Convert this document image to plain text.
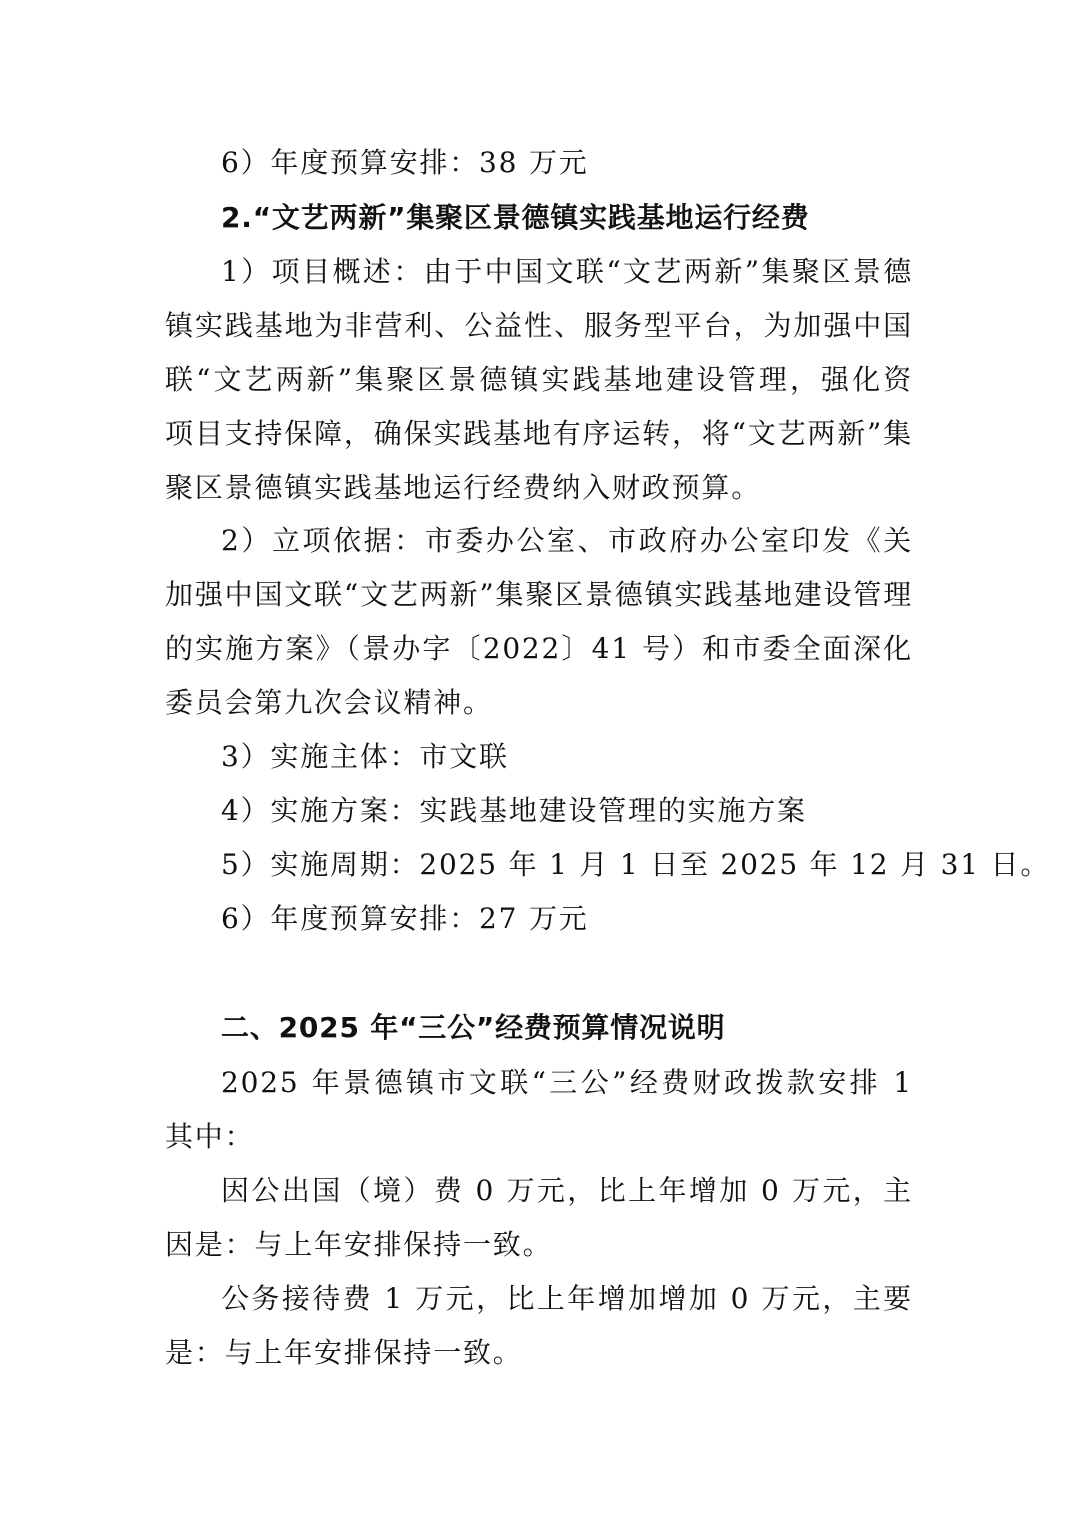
6）年度预算安排：38 万元

2.“文艺两新”集聚区景德镇实践基地运行经费

1）项目概述：由于中国文联“文艺两新”集聚区景德

镇实践基地为非营利、公益性、服务型平台，为加强中国

联“文艺两新”集聚区景德镇实践基地建设管理，强化资

项目支持保障，确保实践基地有序运转，将“文艺两新”集

聚区景德镇实践基地运行经费纳入财政预算。

2）立项依据：市委办公室、市政府办公室印发《关

加强中国文联“文艺两新”集聚区景德镇实践基地建设管理

的实施方案》（景办字〔2022〕41 号）和市委全面深化

委员会第九次会议精神。

3）实施主体：市文联

4）实施方案：实践基地建设管理的实施方案

5）实施周期：2025 年 1 月 1 日至 2025 年 12 月 31 日。

6）年度预算安排：27 万元

二、2025 年“三公”经费预算情况说明

2025 年景德镇市文联“三公”经费财政拨款安排 1

其中：

因公出国（境）费 0 万元，比上年增加 0 万元，主

因是：与上年安排保持一致。

公务接待费 1 万元，比上年增加增加 0 万元，主要

是：与上年安排保持一致。
